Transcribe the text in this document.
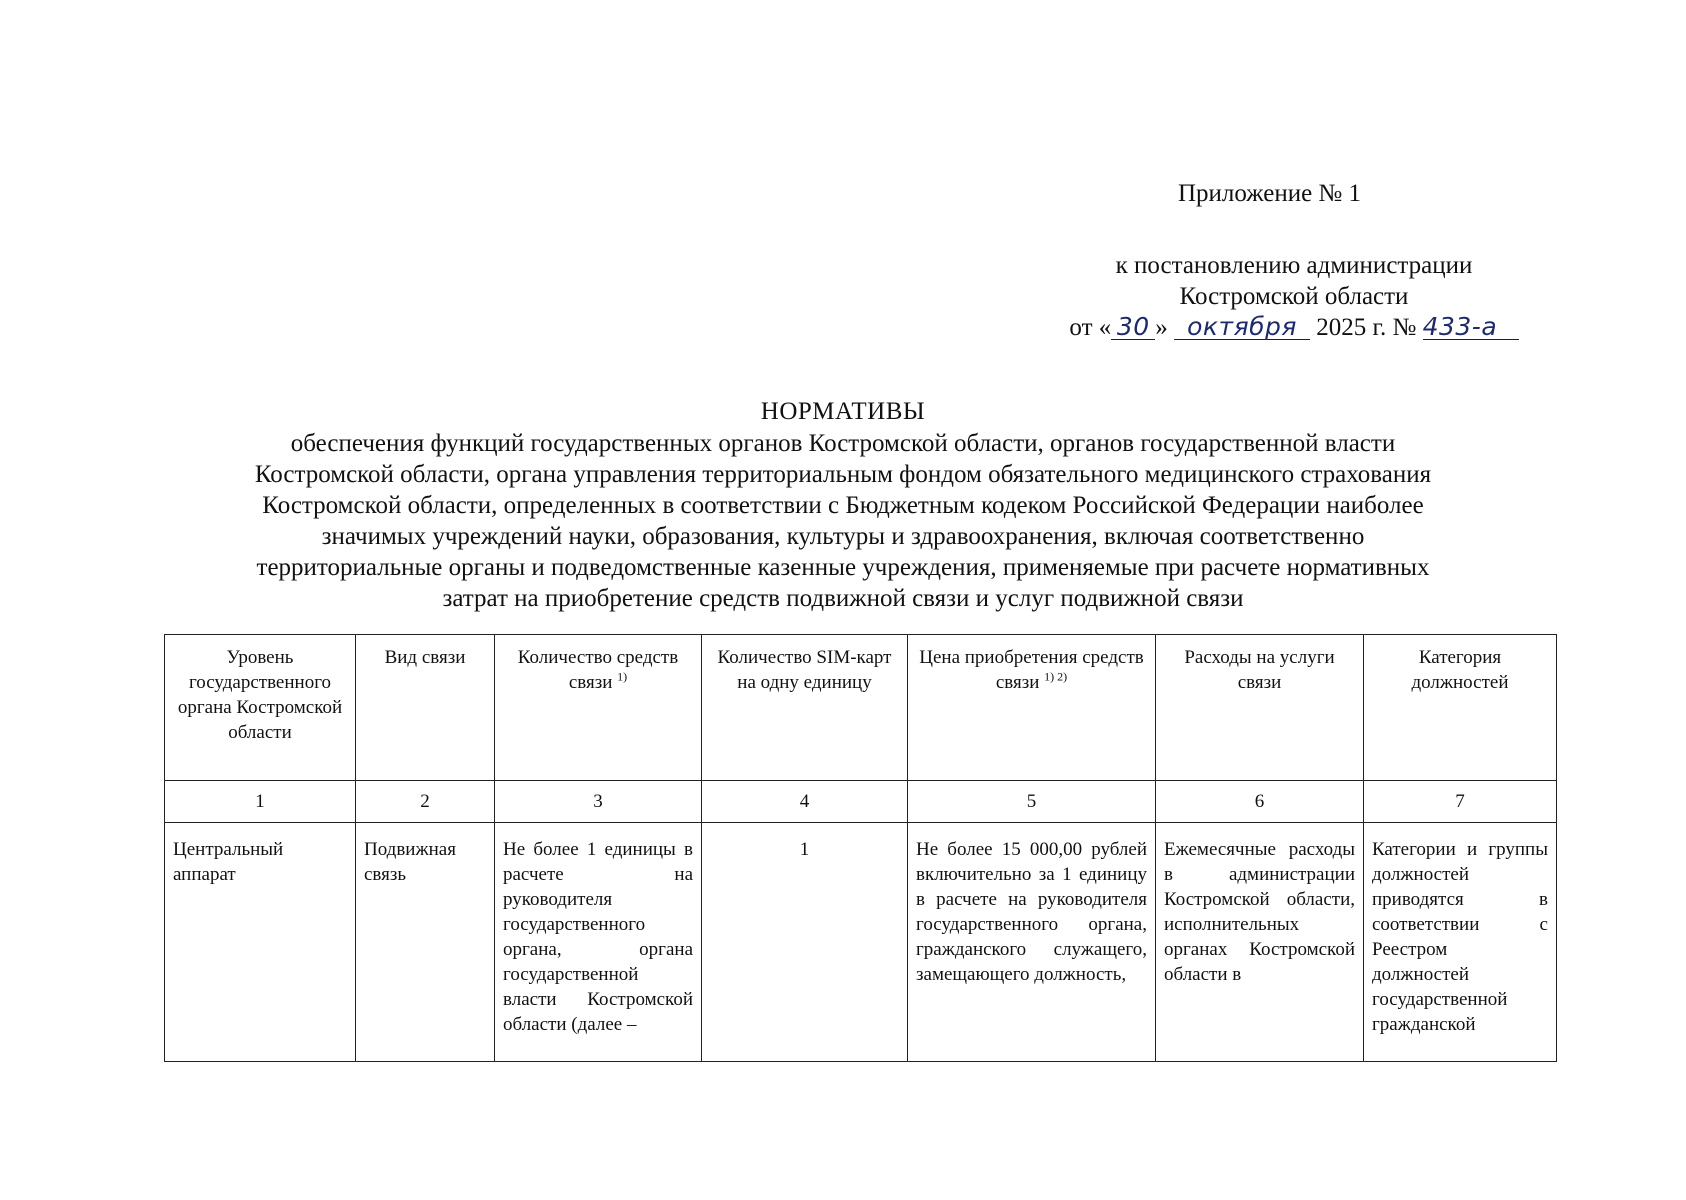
Приложение № 1
к постановлению администрации
Костромской области
от « 30 » октября 2025 г. № 433-а
НОРМАТИВЫ
обеспечения функций государственных органов Костромской области, органов государственной власти
Костромской области, органа управления территориальным фондом обязательного медицинского страхования
Костромской области, определенных в соответствии с Бюджетным кодеком Российской Федерации наиболее
значимых учреждений науки, образования, культуры и здравоохранения, включая соответственно
территориальные органы и подведомственные казенные учреждения, применяемые при расчете нормативных
затрат на приобретение средств подвижной связи и услуг подвижной связи
Уровень государственного органа Костромской области	Вид связи	Количество средств связи $^{1)}$	Количество SIM-карт на одну единицу	Цена приобретения средств связи $^{1) 2)}$	Расходы на услуги связи	Категория должностей
1	2	3	4	5	6	7
Центральный аппарат	Подвижная связь	Не более 1 единицы в расчете на руководителя государственного органа, органа государственной власти Костромской области (далее –	1	Не более 15 000,00 рублей включительно за 1 единицу в расчете на руководителя государственного органа, гражданского служащего, замещающего должность,	Ежемесячные расходы в администрации Костромской области, исполнительных органах Костромской области в	Категории и группы должностей приводятся в соответствии с Реестром должностей государственной гражданской
